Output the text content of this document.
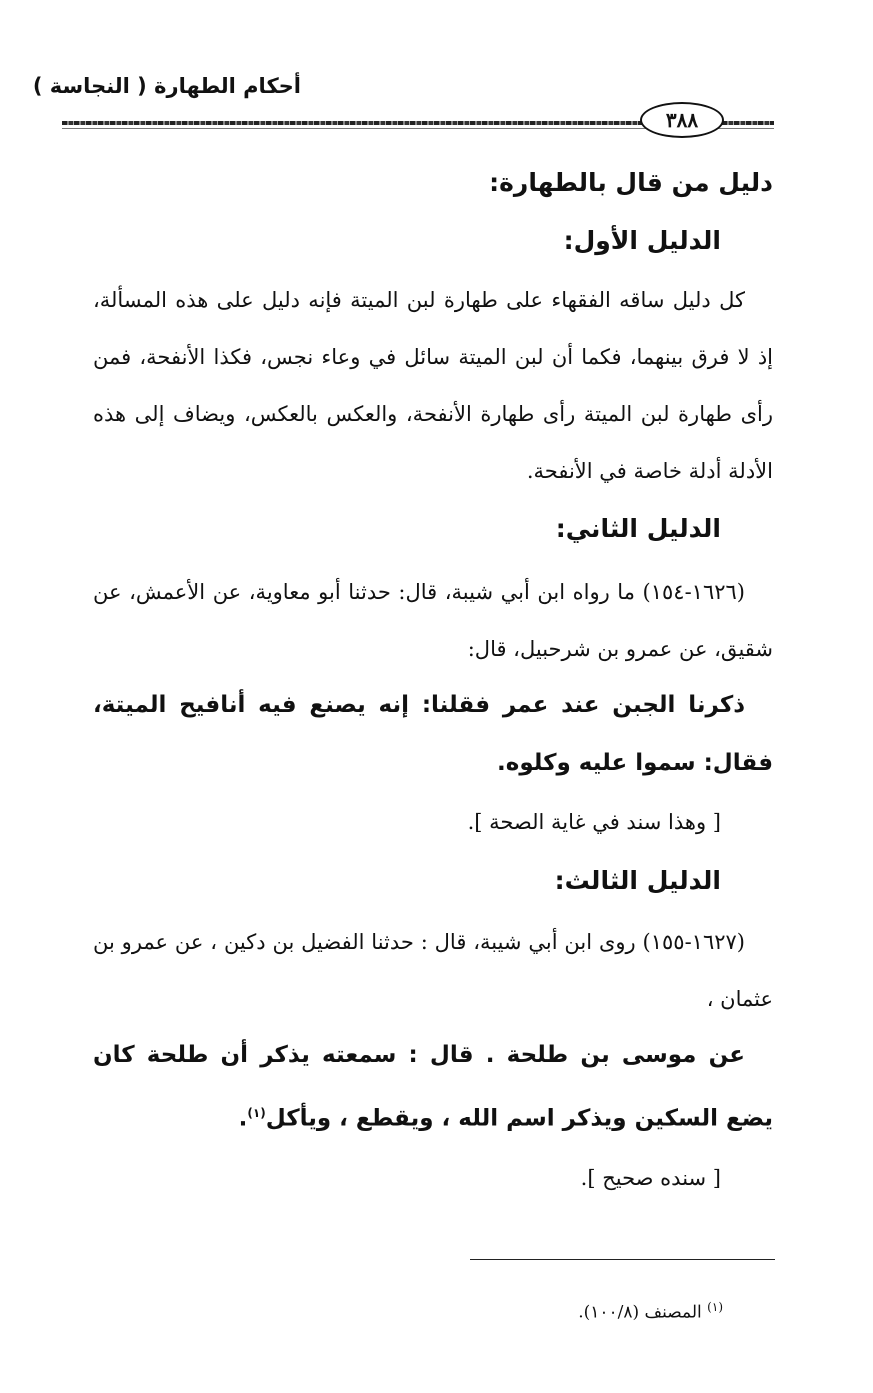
أحكام الطهارة ( النجاسة )
٣٨٨
دليل من قال بالطهارة:
الدليل الأول:
كل دليل ساقه الفقهاء على طهارة لبن الميتة فإنه دليل على هذه المسألة، إذ لا فرق بينهما، فكما أن لبن الميتة سائل في وعاء نجس، فكذا الأنفحة، فمن رأى طهارة لبن الميتة رأى طهارة الأنفحة، والعكس بالعكس، ويضاف إلى هذه الأدلة أدلة خاصة في الأنفحة.
الدليل الثاني:
(١٦٢٦-١٥٤) ما رواه ابن أبي شيبة، قال: حدثنا أبو معاوية، عن الأعمش، عن شقيق، عن عمرو بن شرحبيل، قال:
ذكرنا الجبن عند عمر فقلنا: إنه يصنع فيه أنافيح الميتة، فقال: سموا عليه وكلوه.
[ وهذا سند في غاية الصحة ].
الدليل الثالث:
(١٦٢٧-١٥٥) روى ابن أبي شيبة، قال : حدثنا الفضيل بن دكين ، عن عمرو بن عثمان ،
عن موسى بن طلحة . قال : سمعته يذكر أن طلحة كان يضع السكين ويذكر اسم الله ، ويقطع ، ويأكل$^{(١)}$.
[ سنده صحيح ].
$^{(١)}$ المصنف (١٠٠/٨).
